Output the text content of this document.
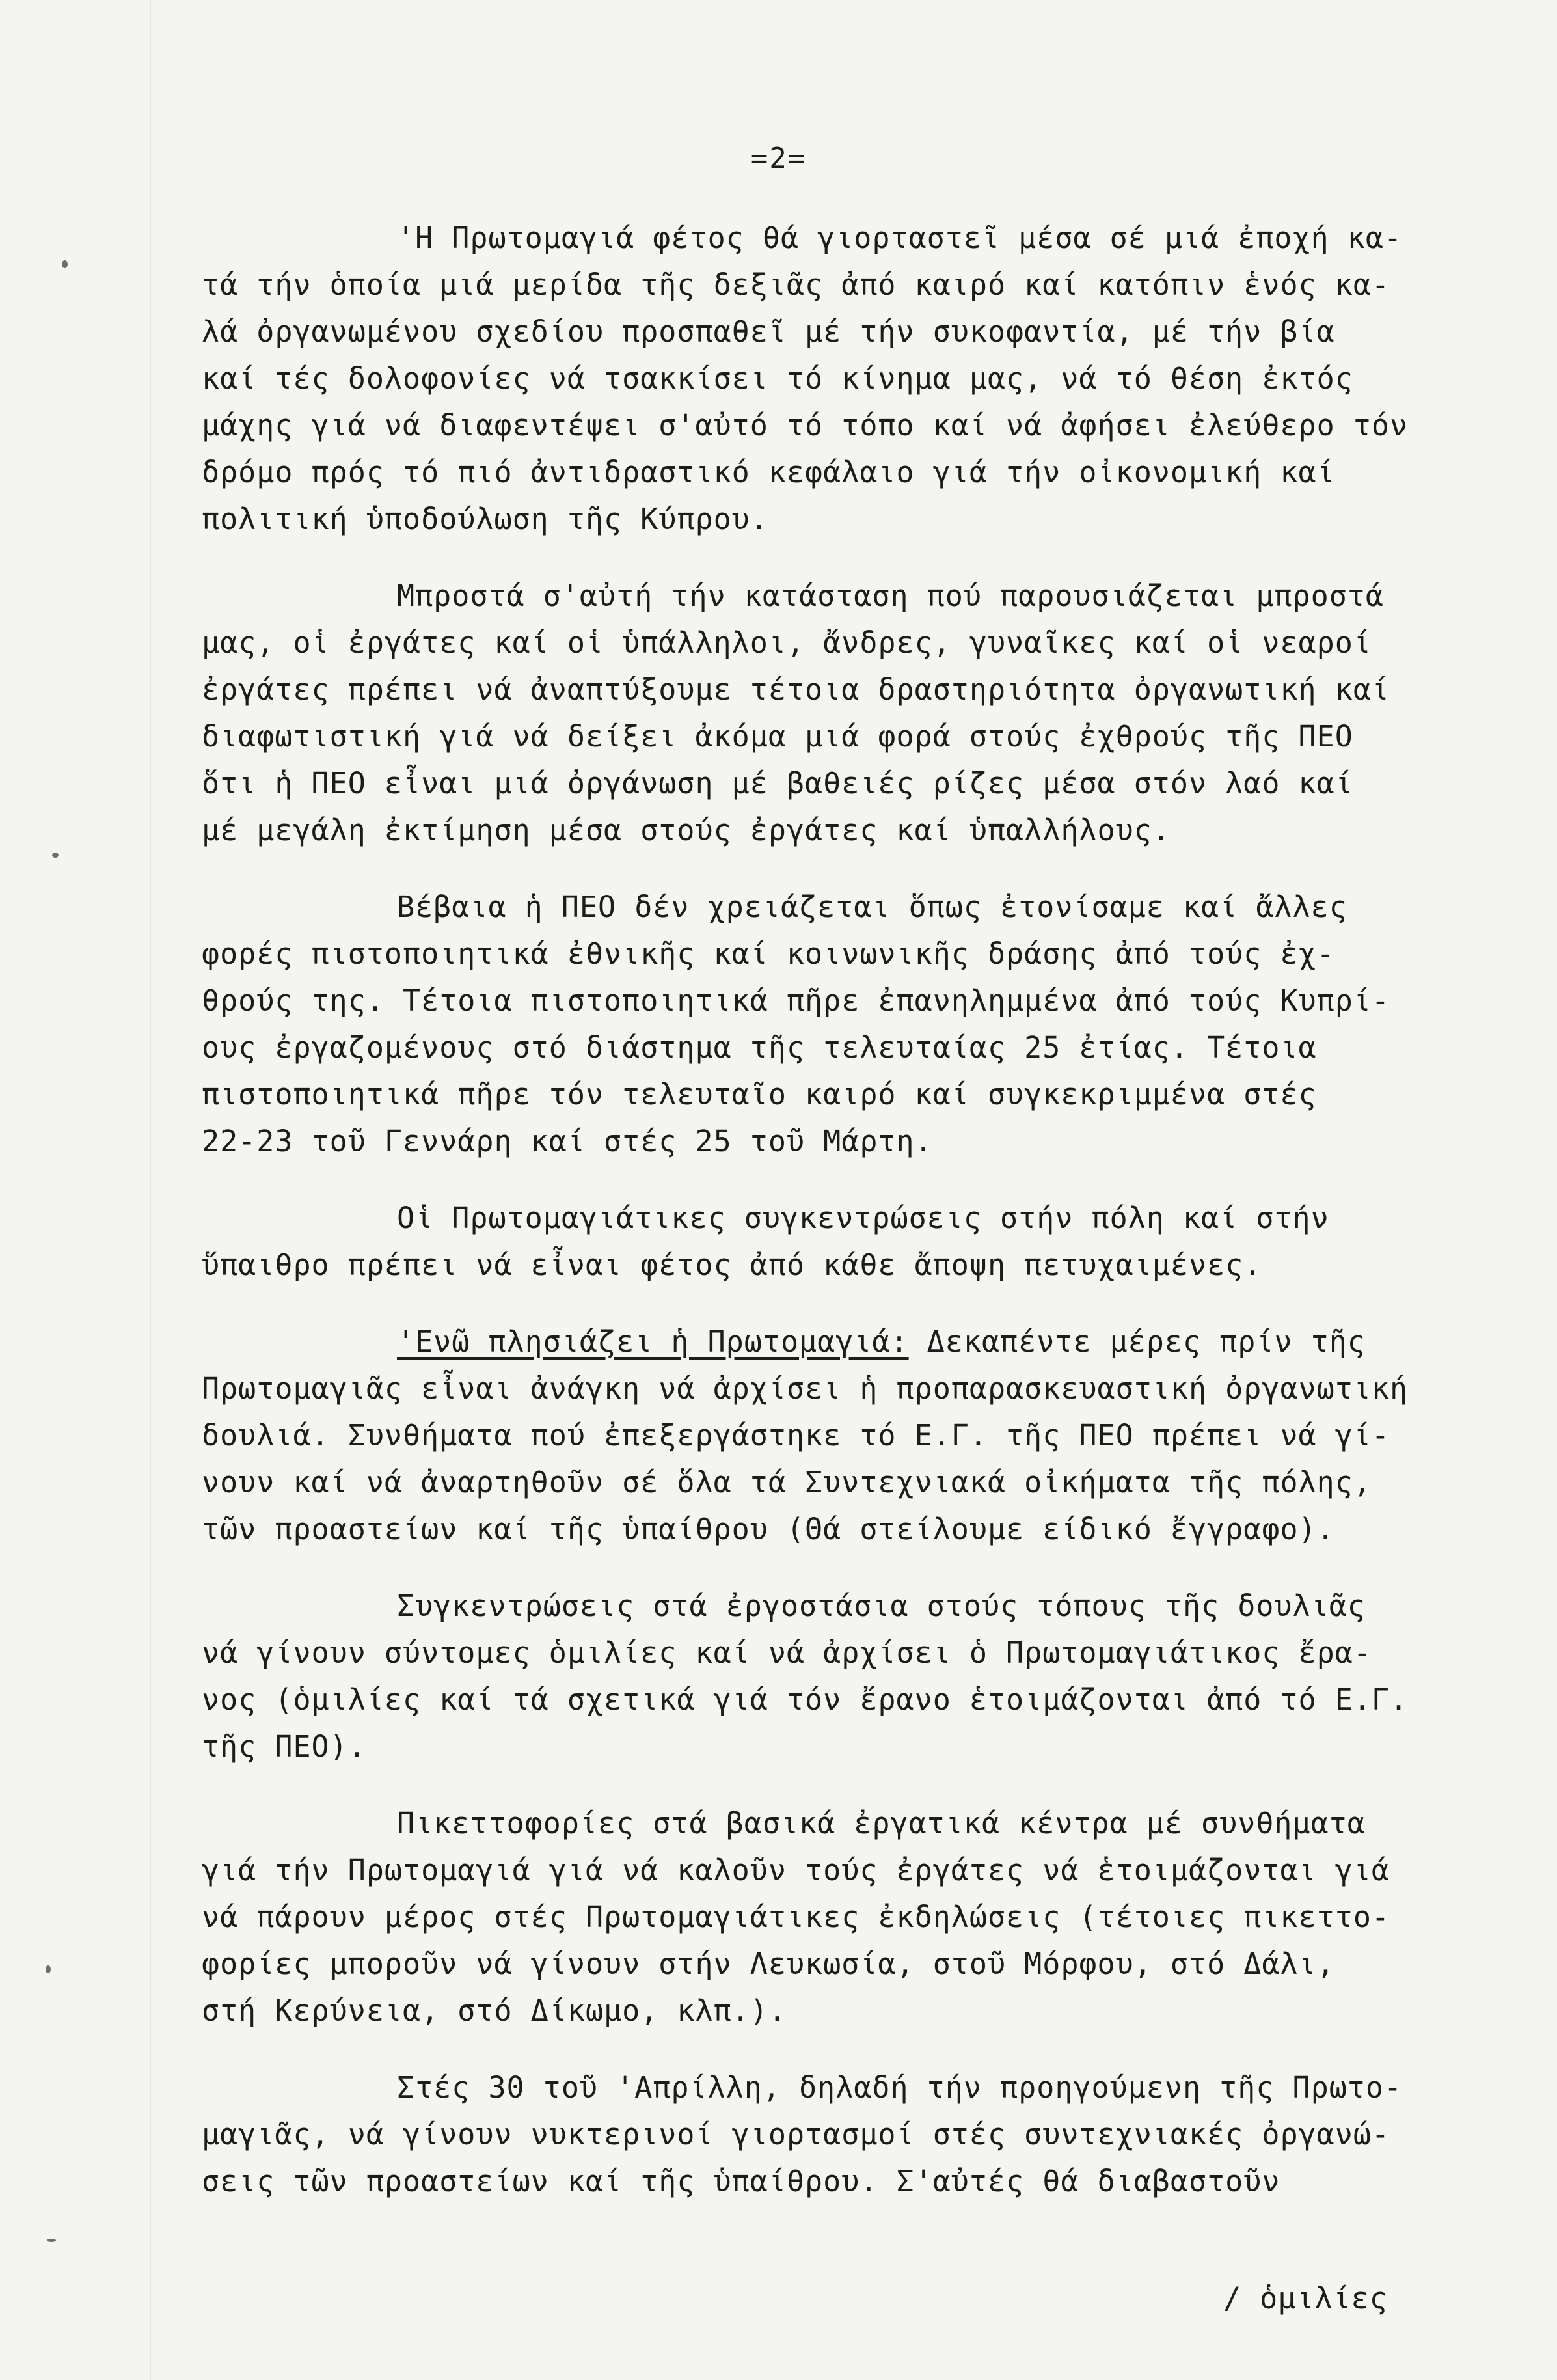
=2=
'Η Πρωτομαγιά φέτος θά γιορταστεῖ μέσα σέ μιά ἐποχή κα-
τά τήν ὁποία μιά μερίδα τῆς δεξιᾶς ἀπό καιρό καί κατόπιν ἑνός κα-
λά ὀργανωμένου σχεδίου προσπαθεῖ μέ τήν συκοφαντία, μέ τήν βία
καί τές δολοφονίες νά τσακκίσει τό κίνημα μας, νά τό θέση ἐκτός
μάχης γιά νά διαφεντέψει σ'αὐτό τό τόπο καί νά ἀφήσει ἐλεύθερο τόν
δρόμο πρός τό πιό ἀντιδραστικό κεφάλαιο γιά τήν οἰκονομική καί
πολιτική ὑποδούλωση τῆς Κύπρου.
Μπροστά σ'αὐτή τήν κατάσταση πού παρουσιάζεται μπροστά
μας, οἱ ἐργάτες καί οἱ ὑπάλληλοι, ἄνδρες, γυναῖκες καί οἱ νεαροί
ἐργάτες πρέπει νά ἀναπτύξουμε τέτοια δραστηριότητα ὀργανωτική καί
διαφωτιστική γιά νά δείξει ἀκόμα μιά φορά στούς ἐχθρούς τῆς ΠΕΟ
ὅτι ἡ ΠΕΟ εἶναι μιά ὀργάνωση μέ βαθειές ρίζες μέσα στόν λαό καί
μέ μεγάλη ἐκτίμηση μέσα στούς ἐργάτες καί ὑπαλλήλους.
Βέβαια ἡ ΠΕΟ δέν χρειάζεται ὅπως ἐτονίσαμε καί ἄλλες
φορές πιστοποιητικά ἐθνικῆς καί κοινωνικῆς δράσης ἀπό τούς ἐχ-
θρούς της. Τέτοια πιστοποιητικά πῆρε ἐπανηλημμένα ἀπό τούς Κυπρί-
ους ἐργαζομένους στό διάστημα τῆς τελευταίας 25 ἐτίας. Τέτοια
πιστοποιητικά πῆρε τόν τελευταῖο καιρό καί συγκεκριμμένα στές
22-23 τοῦ Γεννάρη καί στές 25 τοῦ Μάρτη.
Οἱ Πρωτομαγιάτικες συγκεντρώσεις στήν πόλη καί στήν
ὕπαιθρο πρέπει νά εἶναι φέτος ἀπό κάθε ἄποψη πετυχαιμένες.
'Ενῶ πλησιάζει ἡ Πρωτομαγιά: Δεκαπέντε μέρες πρίν τῆς
Πρωτομαγιᾶς εἶναι ἀνάγκη νά ἀρχίσει ἡ προπαρασκευαστική ὀργανωτική
δουλιά. Συνθήματα πού ἐπεξεργάστηκε τό Ε.Γ. τῆς ΠΕΟ πρέπει νά γί-
νουν καί νά ἀναρτηθοῦν σέ ὅλα τά Συντεχνιακά οἰκήματα τῆς πόλης,
τῶν προαστείων καί τῆς ὑπαίθρου (Θά στείλουμε είδικό ἔγγραφο).
Συγκεντρώσεις στά ἐργοστάσια στούς τόπους τῆς δουλιᾶς
νά γίνουν σύντομες ὁμιλίες καί νά ἀρχίσει ὁ Πρωτομαγιάτικος ἔρα-
νος (ὁμιλίες καί τά σχετικά γιά τόν ἔρανο ἑτοιμάζονται ἀπό τό Ε.Γ.
τῆς ΠΕΟ).
Πικεττοφορίες στά βασικά ἐργατικά κέντρα μέ συνθήματα
γιά τήν Πρωτομαγιά γιά νά καλοῦν τούς ἐργάτες νά ἑτοιμάζονται γιά
νά πάρουν μέρος στές Πρωτομαγιάτικες ἐκδηλώσεις (τέτοιες πικεττο-
φορίες μποροῦν νά γίνουν στήν Λευκωσία, στοῦ Μόρφου, στό Δάλι,
στή Κερύνεια, στό Δίκωμο, κλπ.).
Στές 30 τοῦ 'Απρίλλη, δηλαδή τήν προηγούμενη τῆς Πρωτο-
μαγιᾶς, νά γίνουν νυκτερινοί γιορτασμοί στές συντεχνιακές ὀργανώ-
σεις τῶν προαστείων καί τῆς ὑπαίθρου. Σ'αὐτές θά διαβαστοῦν
/ ὁμιλίες
